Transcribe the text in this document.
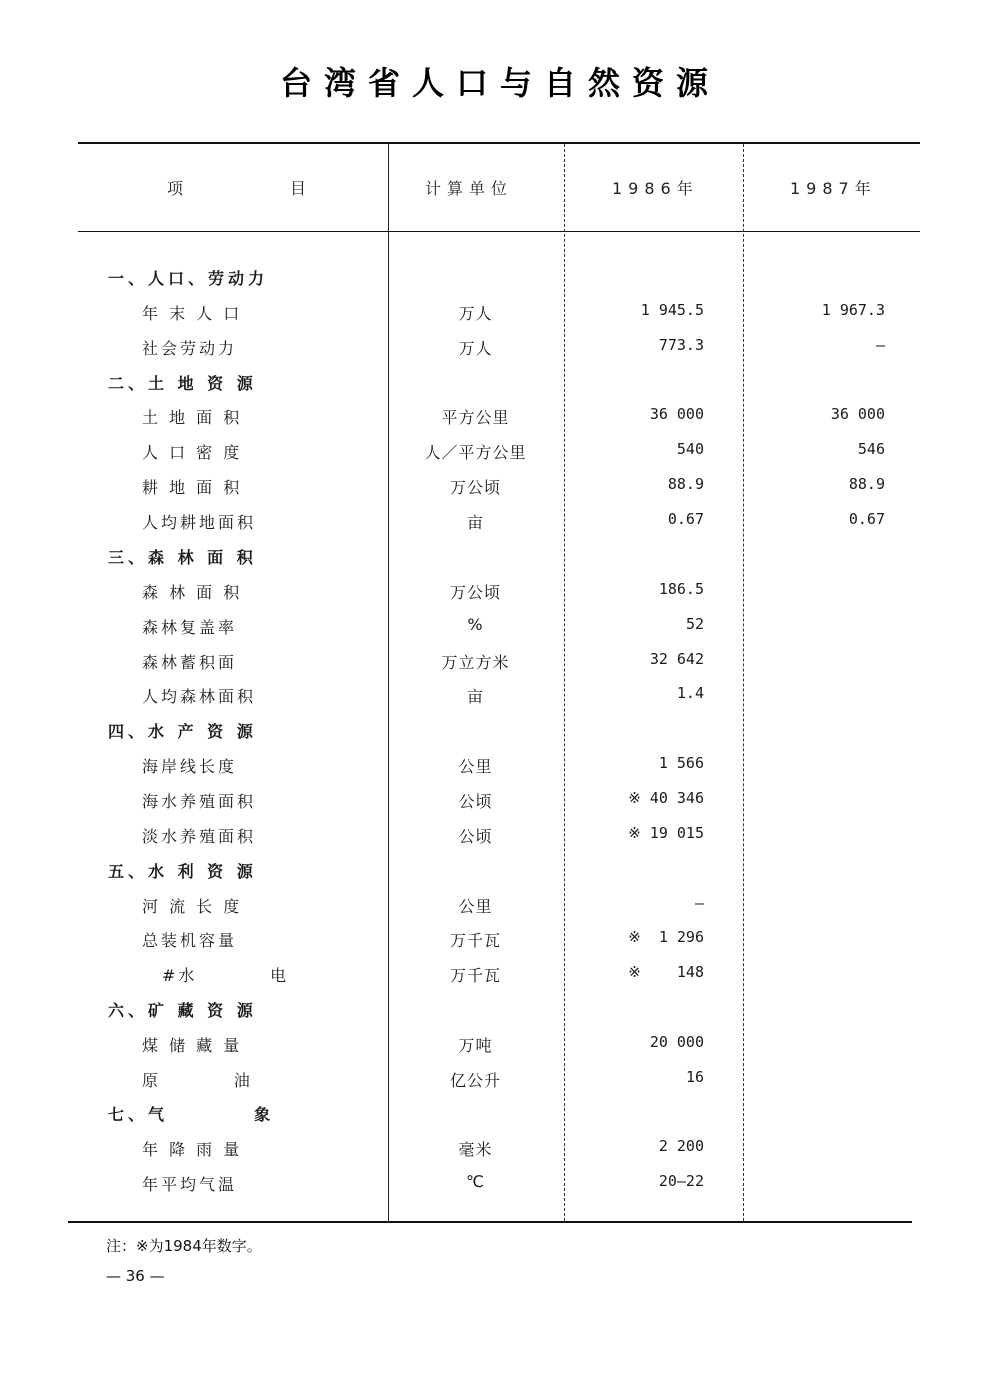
台湾省人口与自然资源
项	目	计算单位	1986年	1987年
一、人口、劳动力
年 末 人 口	万人	1 945.5	1 967.3
社会劳动力	万人	773.3	—
二、土 地 资 源
土 地 面 积	平方公里	36 000	36 000
人 口 密 度	人／平方公里	540	546
耕 地 面 积	万公顷	88.9	88.9
人均耕地面积	亩	0.67	0.67
三、森 林 面 积
森 林 面 积	万公顷	186.5
森林复盖率	%	52
森林蓄积面	万立方米	32 642
人均森林面积	亩	1.4
四、水 产 资 源
海岸线长度	公里	1 566
海水养殖面积	公顷	※ 40 346
淡水养殖面积	公顷	※ 19 015
五、水 利 资 源
河 流 长 度	公里	—
总装机容量	万千瓦	※  1 296
#水         电	万千瓦	※    148
六、矿 藏 资 源
煤 储 藏 量	万吨	20 000
原         油	亿公升	16
七、气         象
年 降 雨 量	毫米	2 200
年平均气温	℃	20—22
注：※为1984年数字。
— 36 —
